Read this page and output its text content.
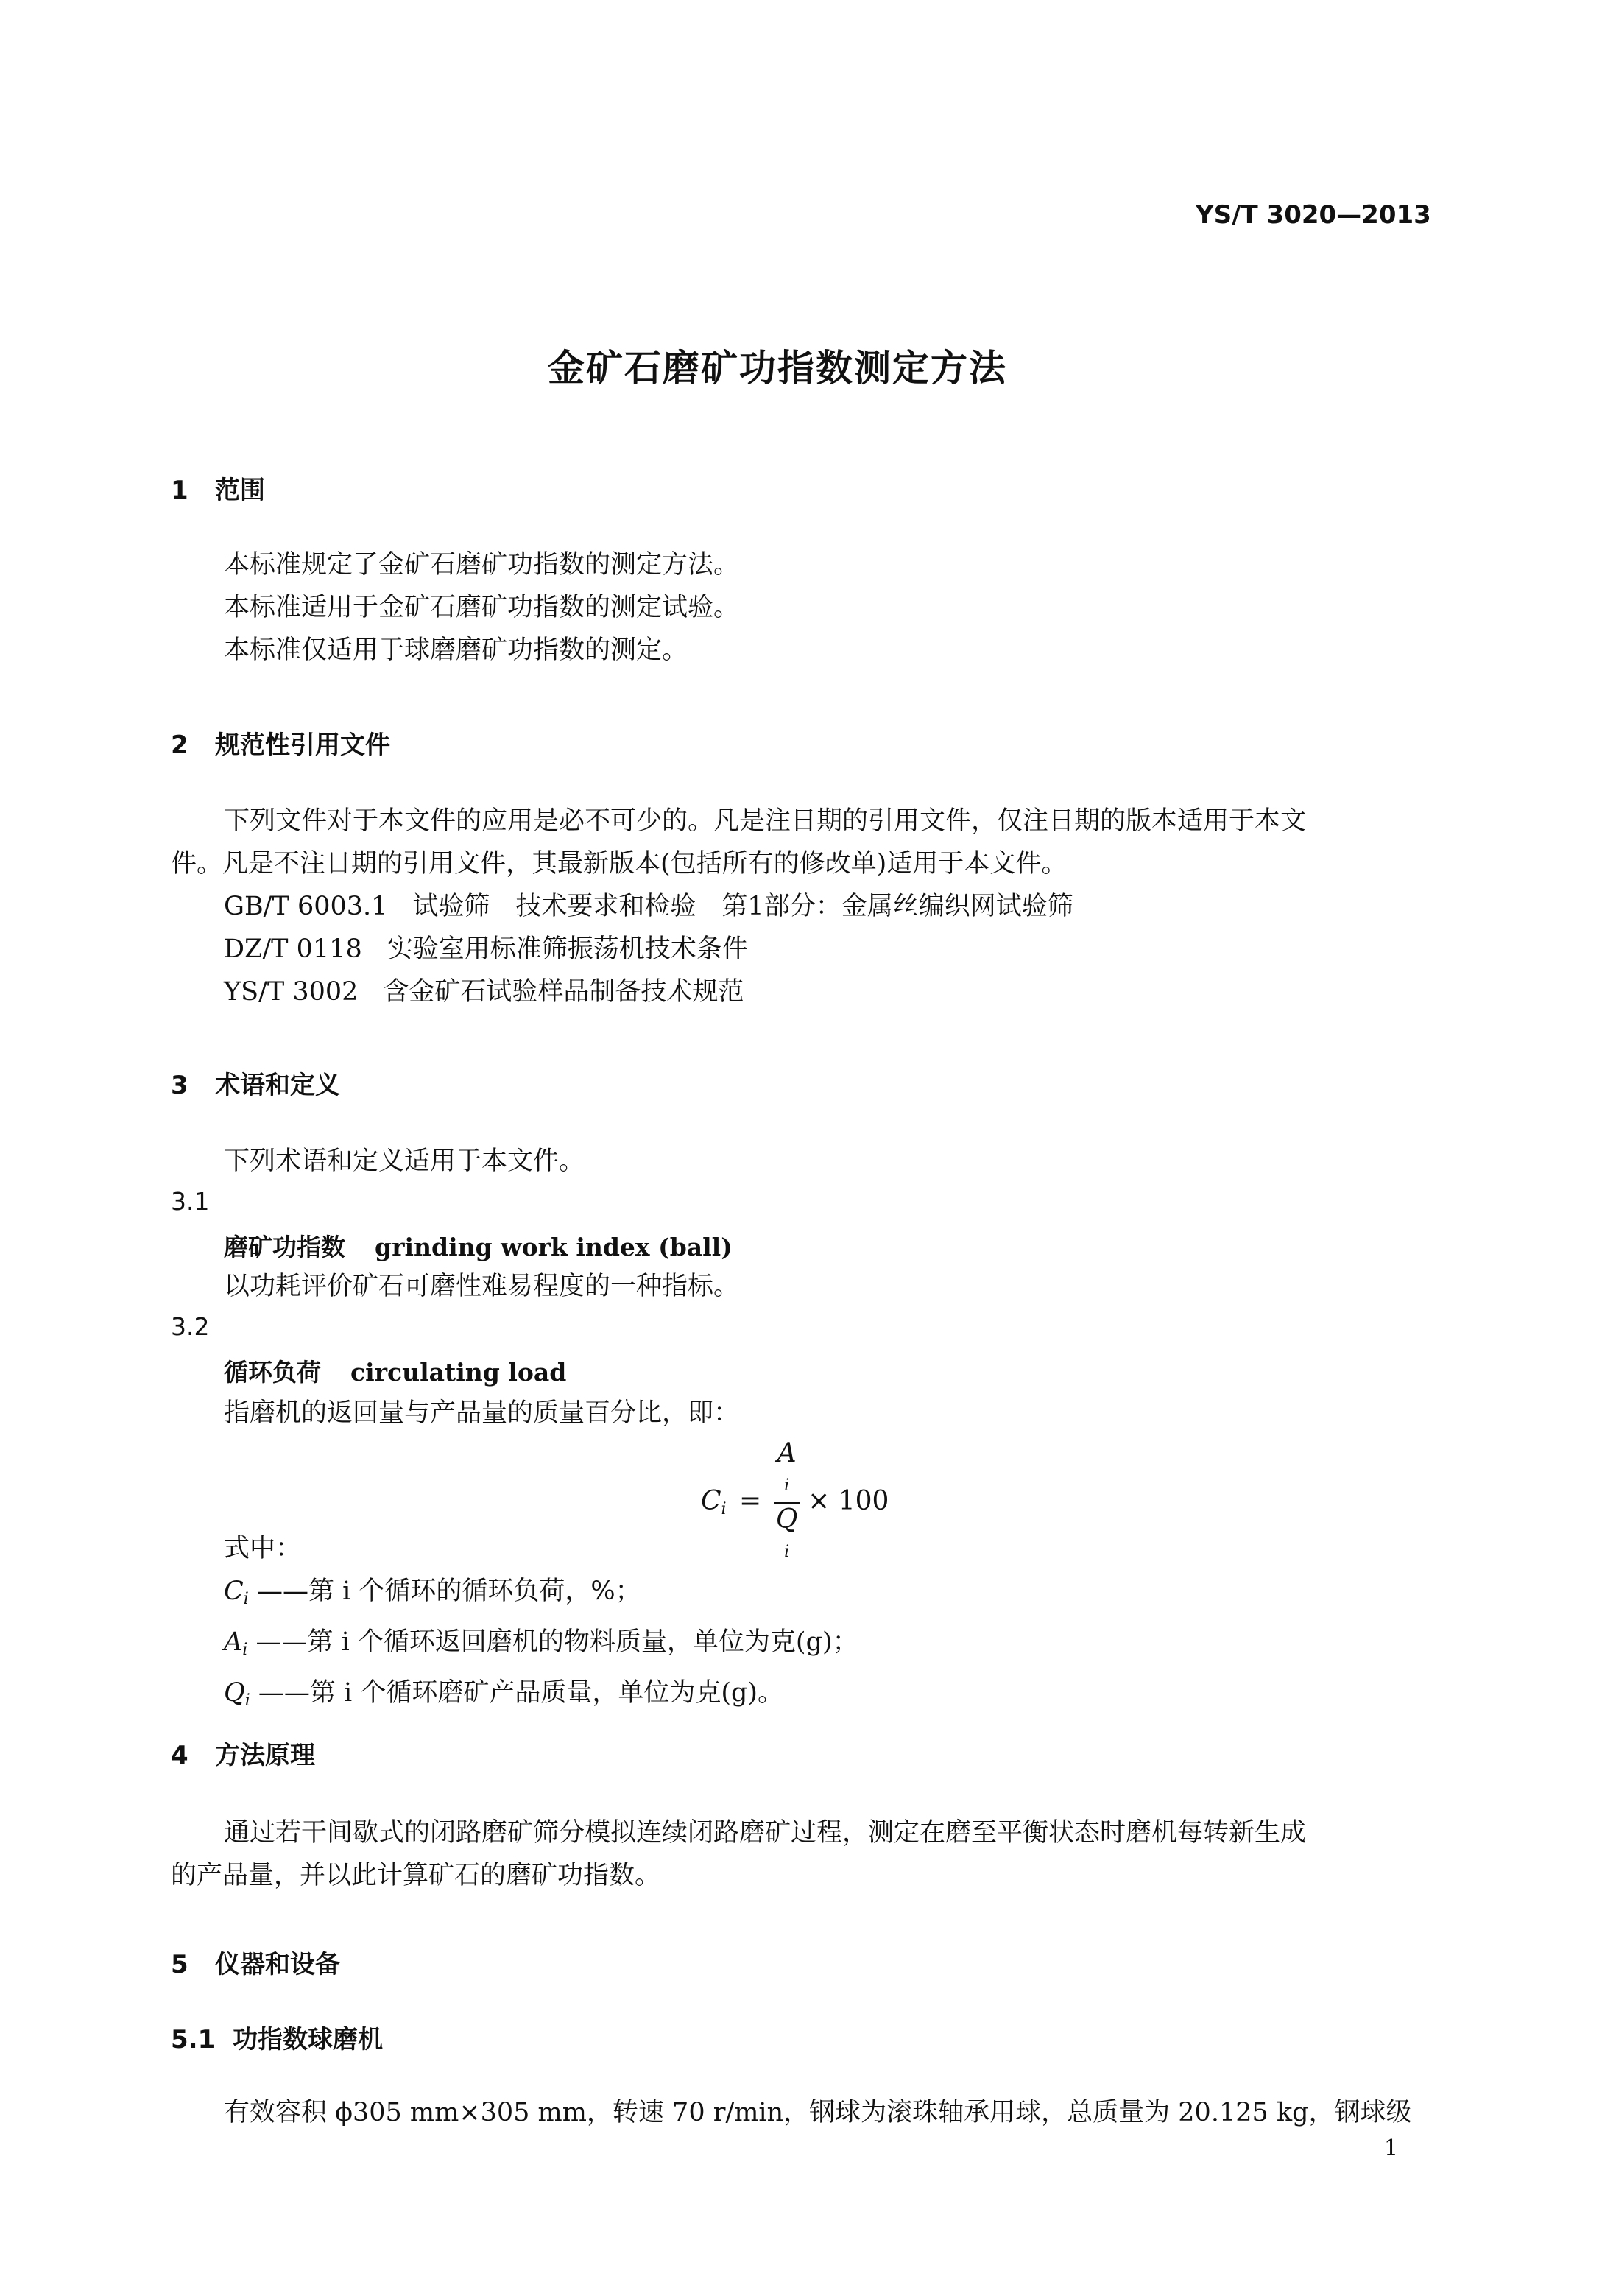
YS/T 3020—2013
金矿石磨矿功指数测定方法
1 范围
本标准规定了金矿石磨矿功指数的测定方法。
本标准适用于金矿石磨矿功指数的测定试验。
本标准仅适用于球磨磨矿功指数的测定。
2 规范性引用文件
下列文件对于本文件的应用是必不可少的。凡是注日期的引用文件，仅注日期的版本适用于本文
件。凡是不注日期的引用文件，其最新版本(包括所有的修改单)适用于本文件。
GB/T 6003.1 试验筛　技术要求和检验　第1部分：金属丝编织网试验筛
DZ/T 0118 实验室用标准筛振荡机技术条件
YS/T 3002 含金矿石试验样品制备技术规范
3 术语和定义
下列术语和定义适用于本文件。
3.1
磨矿功指数 grinding work index (ball)
以功耗评价矿石可磨性难易程度的一种指标。
3.2
循环负荷 circulating load
指磨机的返回量与产品量的质量百分比，即：
$C_i = A$
i
Q
i × 100
式中：
$C_i$ ——第 i 个循环的循环负荷，%；
$A_i$ ——第 i 个循环返回磨机的物料质量，单位为克(g)；
$Q_i$ ——第 i 个循环磨矿产品质量，单位为克(g)。
4 方法原理
通过若干间歇式的闭路磨矿筛分模拟连续闭路磨矿过程，测定在磨至平衡状态时磨机每转新生成
的产品量，并以此计算矿石的磨矿功指数。
5 仪器和设备
5.1 功指数球磨机
有效容积 ϕ305 mm×305 mm，转速 70 r/min，钢球为滚珠轴承用球，总质量为 20.125 kg，钢球级
1
